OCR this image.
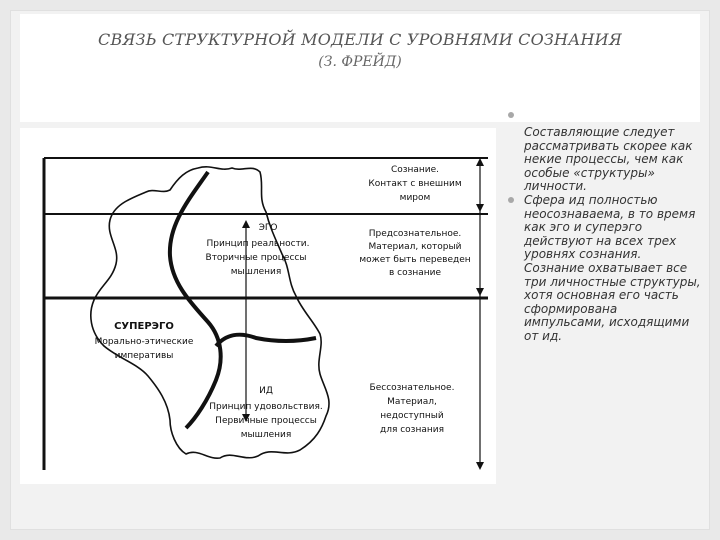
СВЯЗЬ СТРУКТУРНОЙ МОДЕЛИ С УРОВНЯМИ СОЗНАНИЯ
(З. ФРЕЙД)
Сознание.
Контакт с внешним
миром
Предсознательное.
Материал, который
может быть переведен
в сознание
Бессознательное.
Материал,
недоступный
для сознания
ЭГО
Принцип реальности.
Вторичные процессы
мышления
СУПЕРЭГО
Морально-этические
императивы
ИД
Принцип удовольствия.
Первичные процессы
мышления
Составляющие следует рассматривать скорее как некие процессы, чем как особые «структуры» личности.
Сфера ид полностью неосознаваема, в то время как эго и суперэго действуют на всех трех уровнях сознания. Сознание охватывает все три личностные структуры, хотя основная его часть сформирована импульсами, исходящими от ид.
